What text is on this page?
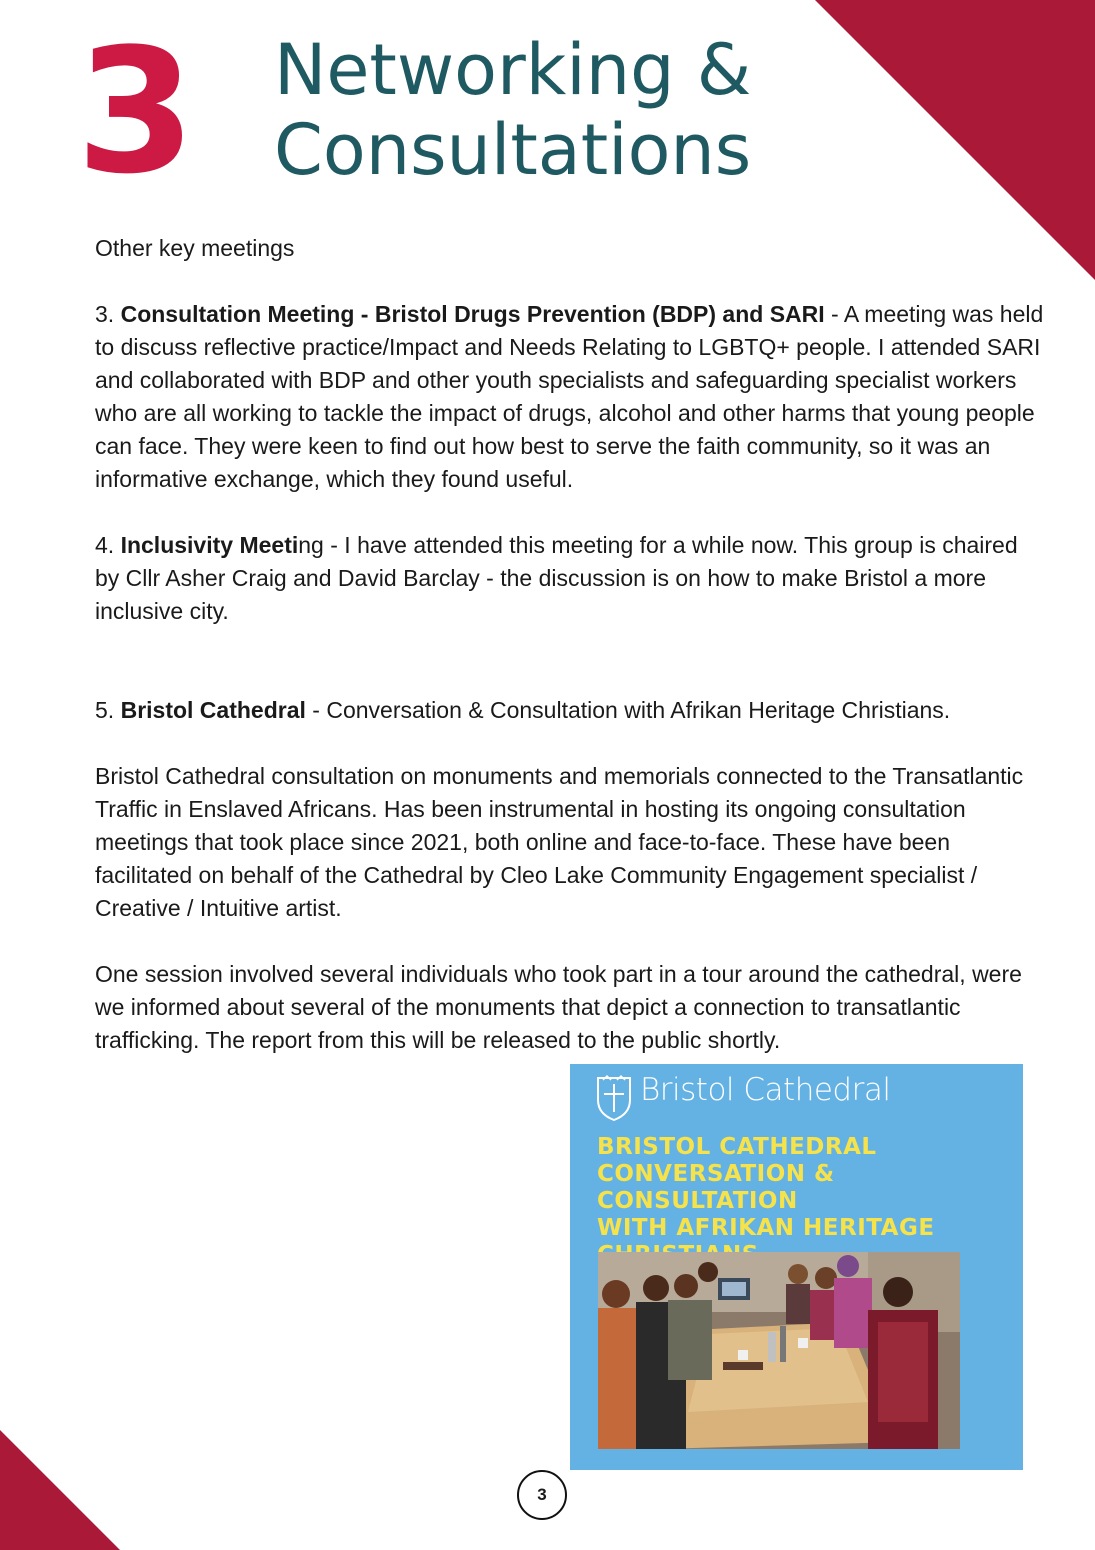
3 Networking &
Consultations

Other key meetings

3. Consultation Meeting - Bristol Drugs Prevention (BDP) and SARI - A meeting was held to discuss reflective practice/Impact and Needs Relating to LGBTQ+ people. I attended SARI and collaborated with BDP and other youth specialists and safeguarding specialist workers who are all working to tackle the impact of drugs, alcohol and other harms that young people can face. They were keen to find out how best to serve the faith community, so it was an informative exchange, which they found useful.

4. Inclusivity Meeting - I have attended this meeting for a while now. This group is chaired by Cllr Asher Craig and David Barclay - the discussion is on how to make Bristol a more inclusive city.

5. Bristol Cathedral - Conversation & Consultation with Afrikan Heritage Christians.

Bristol Cathedral consultation on monuments and memorials connected to the Transatlantic Traffic in Enslaved Africans. Has been instrumental in hosting its ongoing consultation meetings that took place since 2021, both online and face-to-face. These have been facilitated on behalf of the Cathedral by Cleo Lake Community Engagement specialist / Creative / Intuitive artist.

One session involved several individuals who took part in a tour around the cathedral, were we informed about several of the monuments that depict a connection to transatlantic trafficking. The report from this will be released to the public shortly.

Bristol Cathedral
BRISTOL CATHEDRAL
CONVERSATION & CONSULTATION
WITH AFRIKAN HERITAGE
3
